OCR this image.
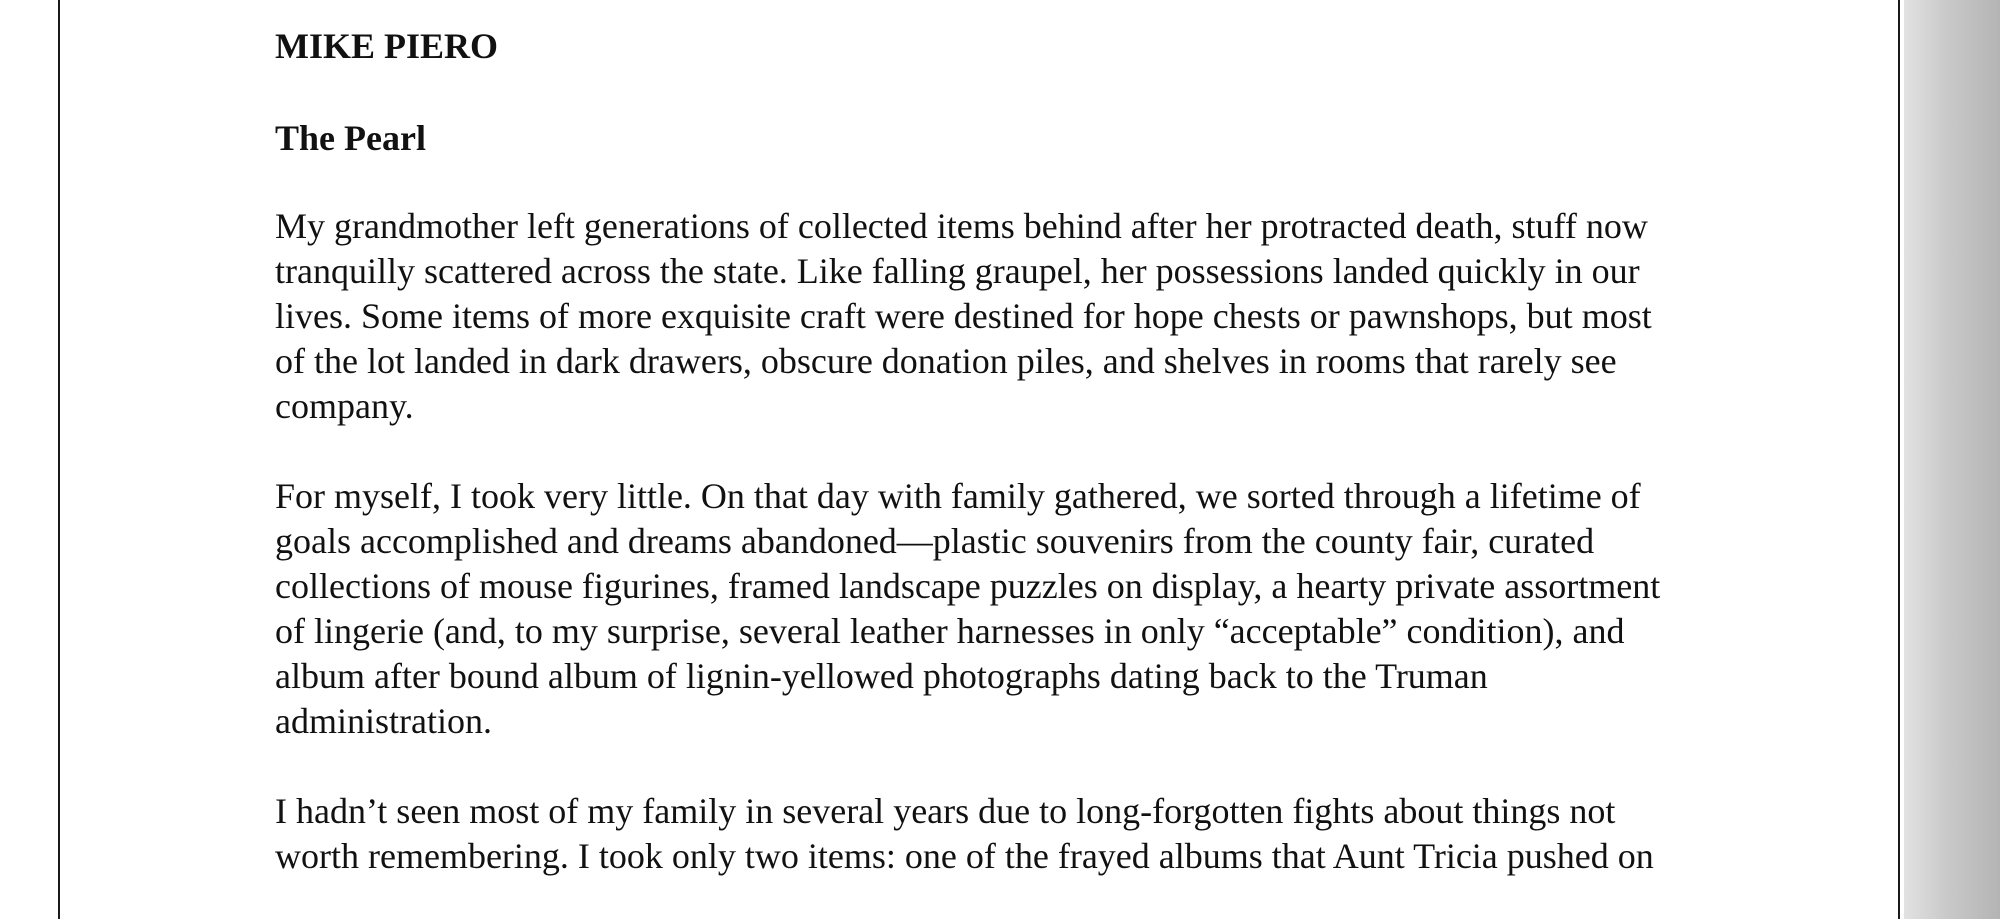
MIKE PIERO
The Pearl

My grandmother left generations of collected items behind after her protracted death, stuff now
tranquilly scattered across the state. Like falling graupel, her possessions landed quickly in our
lives. Some items of more exquisite craft were destined for hope chests or pawnshops, but most
of the lot landed in dark drawers, obscure donation piles, and shelves in rooms that rarely see
company.

For myself, I took very little. On that day with family gathered, we sorted through a lifetime of
goals accomplished and dreams abandoned—plastic souvenirs from the county fair, curated
collections of mouse figurines, framed landscape puzzles on display, a hearty private assortment
of lingerie (and, to my surprise, several leather harnesses in only “acceptable” condition), and
album after bound album of lignin-yellowed photographs dating back to the Truman
administration.

I hadn’t seen most of my family in several years due to long-forgotten fights about things not
worth remembering. I took only two items: one of the frayed albums that Aunt Tricia pushed on
